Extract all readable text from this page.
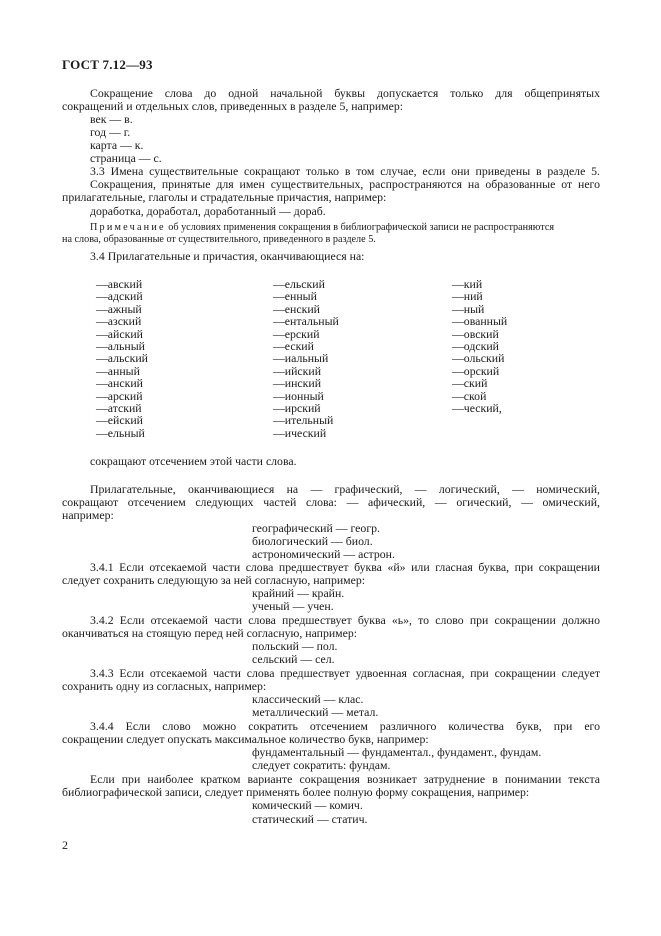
ГОСТ 7.12—93
Сокращение слова до одной начальной буквы допускается только для общепринятых
сокращений и отдельных слов, приведенных в разделе 5, например:
век — в.
год — г.
карта — к.
страница — с.
3.3 Имена существительные сокращают только в том случае, если они приведены в разделе 5.
Сокращения, принятые для имен существительных, распространяются на образованные от него
прилагательные, глаголы и страдательные причастия, например:
доработка, доработал, доработанный — дораб.
Примечание об условиях применения сокращения в библиографической записи не распространяются
на слова, образованные от существительного, приведенного в разделе 5.
3.4 Прилагательные и причастия, оканчивающиеся на:
—авский
—адский
—ажный
—азский
—айский
—альный
—альский
—анный
—анский
—арский
—атский
—ейский
—ельный
—ельский
—енный
—енский
—ентальный
—ерский
—еский
—иальный
—ийский
—инский
—ионный
—ирский
—ительный
—ический
—кий
—ний
—ный
—ованный
—овский
—одский
—ольский
—орский
—ский
—ской
—ческий,
сокращают отсечением этой части слова.
Прилагательные, оканчивающиеся на — графический, — логический, — номический,
сокращают отсечением следующих частей слова: — афический, — огический, — омический,
например:
географический — геогр.
биологический — биол.
астрономический — астрон.
3.4.1 Если отсекаемой части слова предшествует буква «й» или гласная буква, при сокращении
следует сохранить следующую за ней согласную, например:
крайний — крайн.
ученый — учен.
3.4.2 Если отсекаемой части слова предшествует буква «ь», то слово при сокращении должно
оканчиваться на стоящую перед ней согласную, например:
польский — пол.
сельский — сел.
3.4.3 Если отсекаемой части слова предшествует удвоенная согласная, при сокращении следует
сохранить одну из согласных, например:
классический — клас.
металлический — метал.
3.4.4 Если слово можно сократить отсечением различного количества букв, при его
сокращении следует опускать максимальное количество букв, например:
фундаментальный — фундаментал., фундамент., фундам.
следует сократить: фундам.
Если при наиболее кратком варианте сокращения возникает затруднение в понимании текста
библиографической записи, следует применять более полную форму сокращения, например:
комический — комич.
статический — статич.
2
